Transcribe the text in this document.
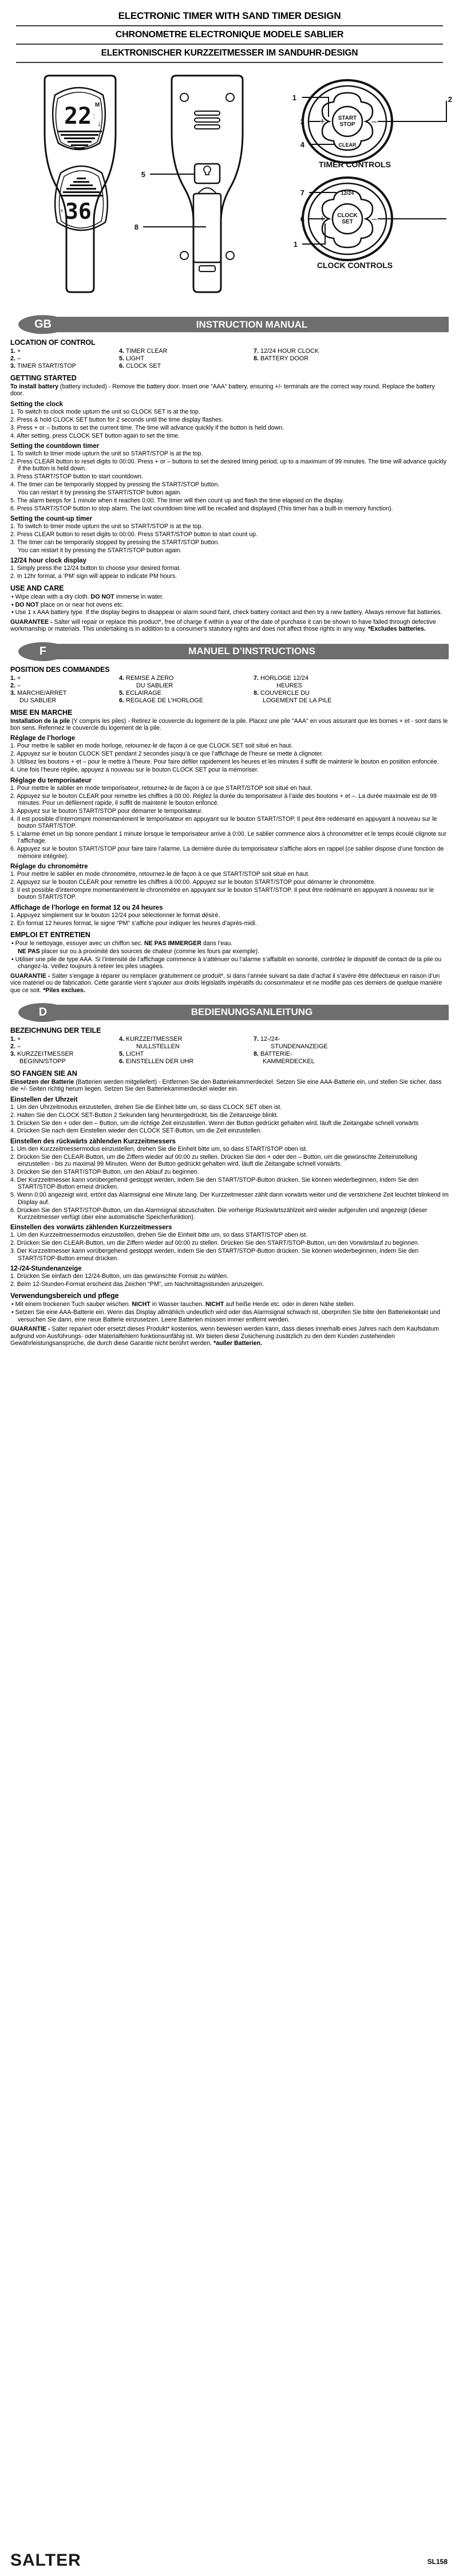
ELECTRONIC TIMER WITH SAND TIMER DESIGN
CHRONOMETRE ELECTRONIQUE MODELE SABLIER
ELEKTRONISCHER KURZZEITMESSER IM SANDUHR-DESIGN
22 M
:
↓
START
STOP
+	–
CLEAR
1
3
4
2
CLOCK
SET
+	–
12/24
7
6
1
5
8
36
s
TIMER CONTROLS
CLOCK CONTROLS
GB	INSTRUCTION MANUAL
LOCATION OF CONTROL
1. +
2. –
3. TIMER START/STOP
4. TIMER CLEAR
5. LIGHT
6. CLOCK SET
7. 12/24 HOUR CLOCK
8. BATTERY DOOR
GETTING STARTED

To install battery (battery included) - Remove the battery door. Insert one “AAA” battery, ensuring +/- terminals are the correct way round. Replace the battery door.

Setting the clock

1. To switch to clock mode upturn the unit so CLOCK SET is at the top.

2. Press & hold CLOCK SET button for 2 seconds until the time display flashes.

3. Press + or – buttons to set the current time. The time will advance quickly if the button is held down.

4. After setting, press CLOCK SET button again to set the time.

Setting the countdown timer

1. To switch to timer mode upturn the unit so START/STOP is at the top.

2. Press CLEAR button to reset digits to 00:00. Press + or – buttons to set the desired timing period, up to a maximum of 99 minutes. The time will advance quickly if the button is held down.

3. Press START/STOP button to start countdown.

4. The timer can be temporarily stopped by pressing the START/STOP button.

You can restart it by pressing the START/STOP button again.

5. The alarm beeps for 1 minute when it reaches 0:00. The timer will then count up and flash the time elapsed on the display.

6. Press START/STOP button to stop alarm. The last countdown time will be recalled and displayed (This timer has a built-in memory function).

Setting the count-up timer

1. To switch to timer mode upturn the unit so START/STOP is at the top.

2. Press CLEAR button to reset digits to 00:00. Press START/STOP button to start count up.

3. The timer can be temporarily stopped by pressing the START/STOP button.

You can restart it by pressing the START/STOP button again.

12/24 hour clock display

1. Simply press the 12/24 button to choose your desired format.

2. In 12hr format, a ‘PM’ sign will appear to indicate PM hours.

USE AND CARE

• Wipe clean with a dry cloth. DO NOT immerse in water.

• DO NOT place on or near hot ovens etc.

• Use 1 x AAA battery type. If the display begins to disappear or alarm sound faint, check battery contact and then try a new battery. Always remove flat batteries.

GUARANTEE - Salter will repair or replace this product*, free of charge if within a year of the date of purchase it can be shown to have failed through defective workmanship or materials. This undertaking is in addition to a consumer's statutory rights and does not affect those rights in any way. *Excludes batteries.

F	MANUEL D’INSTRUCTIONS
POSITION DES COMMANDES
1. +
2. –
3. MARCHE/ARRET
DU SABLIER
4. REMISE A ZERO
DU SABLIER
5. ECLAIRAGE
6. REGLAGE DE L’HORLOGE
7. HORLOGE 12/24
HEURES
8. COUVERCLE DU
LOGEMENT DE LA PILE
MISE EN MARCHE

Installation de la pile (Y compris les piles) - Retirez le couvercle du logement de la pile. Placez une pile "AAA" en vous assurant que les bornes + et - sont dans le bon sens. Refermez le couvercle du logement de la pile.

Réglage de l’horloge

1. Pour mettre le sablier en mode horloge, retournez-le de façon à ce que CLOCK SET soit situé en haut.

2. Appuyez sur le bouton CLOCK SET pendant 2 secondes jusqu’à ce que l’affichage de l’heure se mette à clignoter.

3. Utilisez les boutons + et – pour le mettre à l’heure. Pour faire défiler rapidement les heures et les minutes il suffit de maintenir le bouton en position enfoncée.

4. Une fois l’heure réglée, appuyez à nouveau sur le bouton CLOCK SET pour la mémoriser.

Réglage du temporisateur

1. Pour mettre le sablier en mode temporisateur, retournez-le de façon à ce que START/STOP soit situé en haut.

2. Appuyez sur le bouton CLEAR pour remettre les chiffres à 00:00. Réglez la durée du temporisateur à l’aide des boutons + et –. La durée maximale est de 99 minutes. Pour un défilement rapide, il suffit de maintenir le bouton enfoncé.

3. Appuyez sur le bouton START/STOP pour démarrer le temporisateur.

4. Il est possible d’interrompre momentanément le temporisateur en appuyant sur le bouton START/STOP. Il peut être redémarré en appuyant à nouveau sur le bouton START/STOP.

5. L’alarme émet un bip sonore pendant 1 minute lorsque le temporisateur arrive à 0:00. Le sablier commence alors à chronométrer et le temps écoulé clignote sur l’affichage.

6. Appuyez sur le bouton START/STOP pour faire taire l’alarme. La dernière durée du temporisateur s’affiche alors en rappel (ce sablier dispose d’une fonction de mémoire intégrée).

Réglage du chronomètre

1. Pour mettre le sablier en mode chronomètre, retournez-le de façon à ce que START/STOP soit situé en haut.

2. Appuyez sur le bouton CLEAR pour remettre les chiffres à 00:00. Appuyez sur le bouton START/STOP pour démarrer le chronomètre.

3. Il est possible d’interrompre momentanément le chronomètre en appuyant sur le bouton START/STOP. Il peut être redémarré en appuyant à nouveau sur le bouton START/STOP.

Affichage de l’horloge en format 12 ou 24 heures

1. Appuyez simplement sur le bouton 12/24 pour sélectionner le format désiré.

2. En format 12 heures format, le signe “PM” s’affiche pour indiquer les heures d’après-midi.

EMPLOI ET ENTRETIEN

• Pour le nettoyage, essuyer avec un chiffon sec. NE PAS IMMERGER dans l’eau.

NE PAS placer sur ou à proximité des sources de chaleur (comme les fours par exemple).

• Utiliser une pile de type AAA. Si l’intensité de l’affichage commence à s’atténuer ou l’alarme s’affaiblit en sonorité, contrôlez le dispositif de contact de la pile ou changez-la. Veillez toujours à retirer les piles usagées.

GUARANTIE - Salter s’engage à réparer ou remplacer gratuitement ce produit*, si dans l’année suivant sa date d’achat il s’avère être défectueux en raison d’un vice matériel ou de fabrication. Cette garantie vient s’ajouter aux droits législatifs impératifs du consommateur et ne modifie pas ces derniers de quelque manière que ce soit. *Piles exclues.

D	BEDIENUNGSANLEITUNG
BEZEICHNUNG DER TEILE
1. +
2. –
3. KURZZEITMESSER
BEGINN/STOPP
4. KURZZEITMESSER
NULLSTELLEN
5. LICHT
6. EINSTELLEN DER UHR
7. 12-/24-
STUNDENANZEIGE
8. BATTERIE-
KAMMERDECKEL
SO FANGEN SIE AN

Einsetzen der Batterie (Batterien werden mitgeliefert) - Entfernen Sie den Batteriekammerdeckel. Setzen Sie eine AAA-Batterie ein, und stellen Sie sicher, dass die +/- Seiten richtig herum liegen. Setzen Sie den Batteriekammerdeckel wieder ein.

Einstellen der Uhrzeit

1. Um den Uhrzeitmodus einzustellen, drehen Sie die Einheit bitte um, so dass CLOCK SET oben ist.

2. Halten Sie den CLOCK SET-Button 2 Sekunden lang heruntergedrückt, bis die Zeitanzeige blinkt.

3. Drücken Sie den + oder den – Button, um die richtige Zeit einzustellen. Wenn der Button gedrückt gehalten wird, läuft die Zeitangabe schnell vorwärts

4. Drücken Sie nach dem Einstellen wieder den CLOCK SET-Button, um die Zeit einzustellen.

Einstellen des rückwärts zählenden Kurzzeitmessers

1. Um den Kurzzeitmessermodus einzustellen, drehen Sie die Einheit bitte um, so dass START/STOP oben ist.

2. Drücken Sie den CLEAR-Button, um die Ziffern wieder auf 00:00 zu stellen. Drücken Sie den + oder den – Button, um die gewünschte Zeiteinstellung einzustellen - bis zu maximal 99 Minuten. Wenn der Button gedrückt gehalten wird, läuft die Zeitangabe schnell vorwärts.

3. Drücken Sie den START/STOP-Button, um den Ablauf zu beginnen.

4. Der Kurzzeitmesser kann vorübergehend gestoppt werden, indem Sie den START/STOP-Button drücken. Sie können wiederbeginnen, indem Sie den START/STOP-Button erneut drücken.

5. Wenn 0:00 angezeigt wird, ertönt das Alarmsignal eine Minute lang. Der Kurzzeitmesser zählt dann vorwärts weiter und die verstrichene Zeit leuchtet blinkend im Display auf.

6. Drücken Sie den START/STOP-Button, um das Alarmsignal abzuschalten. Die vorherige Rückwärtszählzeit wird wieder aufgerufen und angezeigt (dieser Kurzzeitmesser verfügt über eine automatische Speicherfunktion).

Einstellen des vorwärts zählenden Kurzzeitmessers

1. Um den Kurzzeitmessermodus einzustellen, drehen Sie die Einheit bitte um, so dass START/STOP oben ist.

2. Drücken Sie den CLEAR-Button, um die Ziffern wieder auf 00:00 zu stellen. Drücken Sie den START/STOP-Button, um den Vorwärtslauf zu beginnen.

3. Der Kurzzeitmesser kann vorübergehend gestoppt werden, indem Sie den START/STOP-Button drücken. Sie können wiederbeginnen, indem Sie den START/STOP-Button erneut drücken.

12-/24-Stundenanzeige

1. Drücken Sie einfach den 12/24-Button, um das gewünschte Format zu wählen.

2. Beim 12-Stunden-Format erscheint das Zeichen “PM”, um Nachmittagsstunden anzuzeigen.

Verwendungsbereich und pflege

• Mit einem trockenen Tuch sauber wischen. NICHT in Wasser tauchen. NICHT auf heiße Herde etc. oder in deren Nähe stellen.

• Setzen Sie eine AAA-Batterie ein. Wenn das Display allmählich undeutlich wird oder das Alarmsignal schwach ist, überprüfen Sie bitte den Batteriekontakt und versuchen Sie dann, eine neue Batterie einzusetzen. Leere Batterien müssen immer entfernt werden.

GUARANTIE - Salter repariert oder ersetzt dieses Produkt* kostenlos, wenn bewiesen werden kann, dass dieses innerhalb eines Jahres nach dem Kaufsdatum aufgrund von Ausführungs- oder Materialfehlern funktionsunfähig ist. Wir bieten diese Zusicherung zusätzlich zu den dem Kunden zustehenden Gewährleistungsansprüche, die durch diese Garantie nicht berührt werden. *außer Batterien.

SALTER	SL158
